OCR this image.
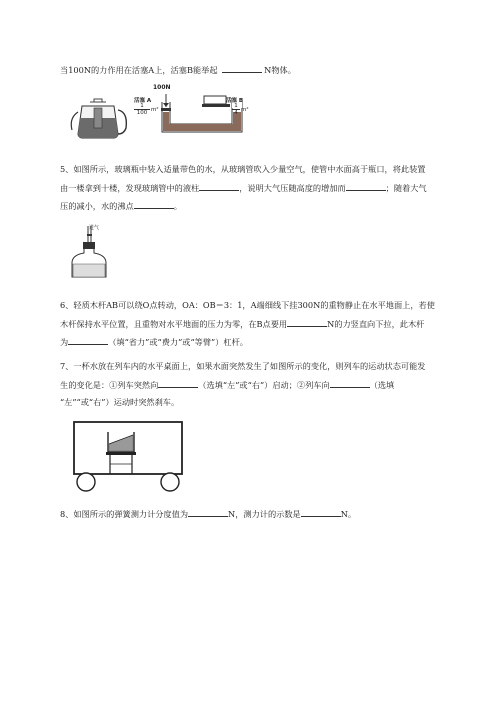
当100N的力作用在活塞A上，活塞B能举起	N物体。
100N
活塞 A
$\frac{1}{100} m^2$
活塞 B
$\frac{1}{4} m^2$
5、如图所示，玻璃瓶中装入适量带色的水，从玻璃管吹入少量空气，使管中水面高于瓶口，将此装置
由一楼拿到十楼，发现玻璃管中的液柱	，说明大气压随高度的增加而	；随着大气
压的减小，水的沸点	。
进气
6、轻质木杆AB可以绕O点转动，OA：OB＝3：1，A端细线下挂300N的重物静止在水平地面上，若使
木杆保持水平位置，且重物对水平地面的压力为零，在B点要用	N的力竖直向下拉，此木杆
为	（填“省力”或“费力”或“等臂”）杠杆。
7、一杯水放在列车内的水平桌面上，如果水面突然发生了如图所示的变化，则列车的运动状态可能发
生的变化是：①列车突然向	（选填“左”或“右”）启动；②列车向	（选填
“左”“或“右”）运动时突然刹车。
8、如图所示的弹簧测力计分度值为	N，测力计的示数是	N。
